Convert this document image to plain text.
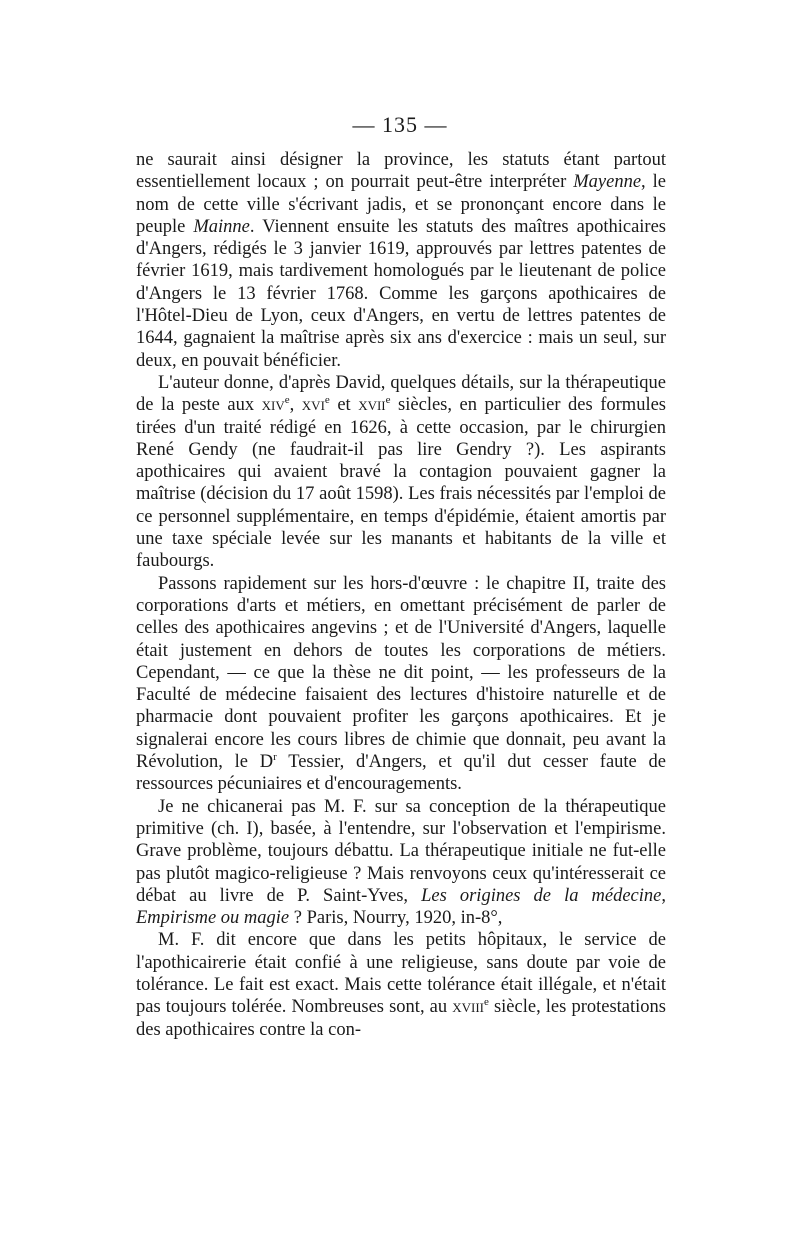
— 135 —

ne saurait ainsi désigner la province, les statuts étant partout essentiellement locaux ; on pourrait peut-être interpréter Mayenne, le nom de cette ville s'écrivant jadis, et se prononçant encore dans le peuple Mainne. Viennent ensuite les statuts des maîtres apothicaires d'Angers, rédigés le 3 janvier 1619, approuvés par lettres patentes de février 1619, mais tardivement homologués par le lieutenant de police d'Angers le 13 février 1768. Comme les garçons apothicaires de l'Hôtel-Dieu de Lyon, ceux d'Angers, en vertu de lettres patentes de 1644, gagnaient la maîtrise après six ans d'exercice : mais un seul, sur deux, en pouvait bénéficier.

L'auteur donne, d'après David, quelques détails, sur la thérapeutique de la peste aux xiv$^e$, xvi$^e$ et xvii$^e$ siècles, en particulier des formules tirées d'un traité rédigé en 1626, à cette occasion, par le chirurgien René Gendy (ne faudrait-il pas lire Gendry ?). Les aspirants apothicaires qui avaient bravé la contagion pouvaient gagner la maîtrise (décision du 17 août 1598). Les frais nécessités par l'emploi de ce personnel supplémentaire, en temps d'épidémie, étaient amortis par une taxe spéciale levée sur les manants et habitants de la ville et faubourgs.

Passons rapidement sur les hors-d'œuvre : le chapitre II, traite des corporations d'arts et métiers, en omettant précisément de parler de celles des apothicaires angevins ; et de l'Université d'Angers, laquelle était justement en dehors de toutes les corporations de métiers. Cependant, — ce que la thèse ne dit point, — les professeurs de la Faculté de médecine faisaient des lectures d'histoire naturelle et de pharmacie dont pouvaient profiter les garçons apothicaires. Et je signalerai encore les cours libres de chimie que donnait, peu avant la Révolution, le $D^r$ Tessier, d'Angers, et qu'il dut cesser faute de ressources pécuniaires et d'encouragements.

Je ne chicanerai pas M. F. sur sa conception de la thérapeutique primitive (ch. I), basée, à l'entendre, sur l'observation et l'empirisme. Grave problème, toujours débattu. La thérapeutique initiale ne fut-elle pas plutôt magico-religieuse ? Mais renvoyons ceux qu'intéresserait ce débat au livre de P. Saint-Yves, Les origines de la médecine, Empirisme ou magie ? Paris, Nourry, 1920, in-8°,

M. F. dit encore que dans les petits hôpitaux, le service de l'apothicairerie était confié à une religieuse, sans doute par voie de tolérance. Le fait est exact. Mais cette tolérance était illégale, et n'était pas toujours tolérée. Nombreuses sont, au xviii$^e$ siècle, les protestations des apothicaires contre la con-
